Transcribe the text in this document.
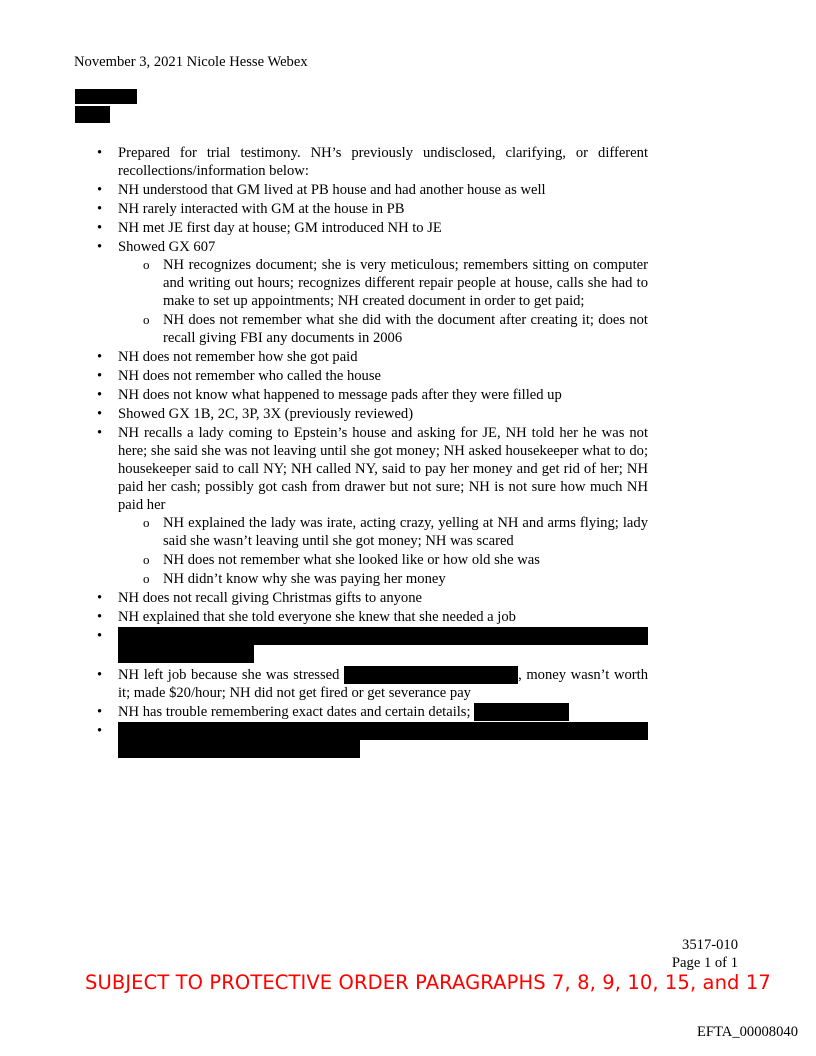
November 3, 2021 Nicole Hesse Webex
• Prepared for trial testimony. NH’s previously undisclosed, clarifying, or different recollections/information below:
• NH understood that GM lived at PB house and had another house as well
• NH rarely interacted with GM at the house in PB
• NH met JE first day at house; GM introduced NH to JE
• Showed GX 607
o NH recognizes document; she is very meticulous; remembers sitting on computer and writing out hours; recognizes different repair people at house, calls she had to make to set up appointments; NH created document in order to get paid;
o NH does not remember what she did with the document after creating it; does not recall giving FBI any documents in 2006
• NH does not remember how she got paid
• NH does not remember who called the house
• NH does not know what happened to message pads after they were filled up
• Showed GX 1B, 2C, 3P, 3X (previously reviewed)
• NH recalls a lady coming to Epstein’s house and asking for JE, NH told her he was not here; she said she was not leaving until she got money; NH asked housekeeper what to do; housekeeper said to call NY; NH called NY, said to pay her money and get rid of her; NH paid her cash; possibly got cash from drawer but not sure; NH is not sure how much NH paid her
o NH explained the lady was irate, acting crazy, yelling at NH and arms flying; lady said she wasn’t leaving until she got money; NH was scared
o NH does not remember what she looked like or how old she was
o NH didn’t know why she was paying her money
• NH does not recall giving Christmas gifts to anyone
• NH explained that she told everyone she knew that she needed a job
•
• NH left job because she was stressed	, money wasn’t worth it; made $20/hour; NH did not get fired or get severance pay
• NH has trouble remembering exact dates and certain details;
•
3517-010
Page 1 of 1
SUBJECT TO PROTECTIVE ORDER PARAGRAPHS 7, 8, 9, 10, 15, and 17
EFTA_00008040
